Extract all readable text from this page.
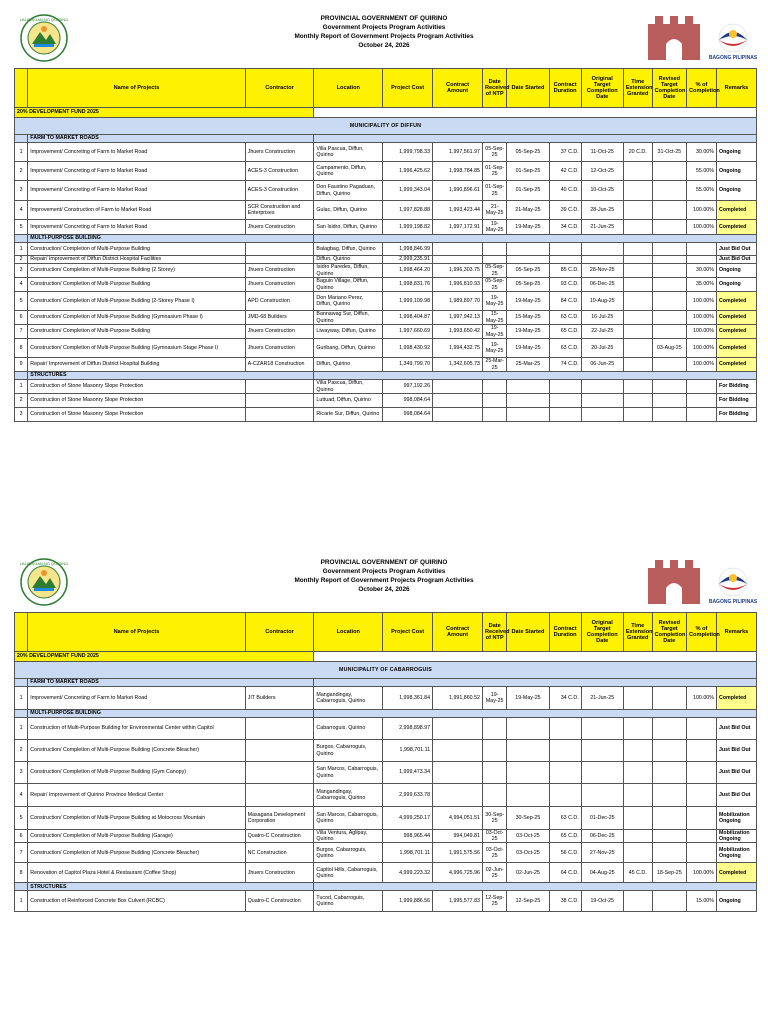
LALAWIGAN NG QUIRINO	PROVINCIAL GOVERNMENT OF QUIRINO
Government Projects Program Activities
Monthly Report of Government Projects Program Activities
October 24, 2026
BAGONG PILIPINAS
	Name of Projects	Contractor	Location	Project Cost	Contract Amount	Date Received of NTP	Date Started	Contract Duration	Original Target Completion Date	Time Extension Granted	Revised Target Completion Date	% of Completion	Remarks
20% DEVELOPMENT FUND 2025													
MUNICIPALITY OF DIFFUN													
	FARM TO MARKET ROADS												
1	Improvement/ Concreting of Farm to Market Road	Jhuers Construction	Villa Pascua, Diffun, Quirino	1,999,798.33	1,997,561.97	05-Sep-25	05-Sep-25	37 C.D.	11-Oct-25	20 C.D.	31-Oct-25	30.00%	Ongoing
2	Improvement/ Concreting of Farm to Market Road	ACES-3 Construction	Campamento, Diffun, Quirino	1,996,425.62	1,998,784.85	01-Sep-25	01-Sep-25	42 C.D.	12-Oct-25			55.00%	Ongoing
3	Improvement/ Concreting of Farm to Market Road	ACES-3 Construction	Don Faustino Pagaduan, Diffun, Quirino	1,999,343.04	1,990,896.61	01-Sep-25	01-Sep-25	40 C.D.	10-Oct-25			55.00%	Ongoing
4	Improvement/ Construction of Farm to Market Road	SCR Construction and Enterprises	Gulac, Diffun, Quirino	1,997,828.88	1,993,423.44	21-May-25	21-May-25	39 C.D.	28-Jun-25			100.00%	Completed
5	Improvement/ Concreting of Farm to Market Road	Jhuers Construction	San Isidro, Diffun, Quirino	1,999,198.82	1,997,172.91	19-May-25	19-May-25	34 C.D.	21-Jun-25			100.00%	Completed
	MULTI-PURPOSE BUILDING												
1	Construction/ Completion of Multi-Purpose Building		Balagbag, Diffun, Quirino	1,998,846.99									Just Bid Out
2	Repair/ Improvement of Diffun District Hospital Facilities		Diffun, Quirino	2,999,235.91									Just Bid Out
3	Construction/ Completion of Multi-Purpose Building (2 Storey)	Jhuers Construction	Isidro Paredes, Diffun, Quirino	1,998,464.20	1,996,303.75	05-Sep-25	05-Sep-25	85 C.D.	28-Nov-25			30.00%	Ongoing
4	Construction/ Completion of Multi-Purpose Building	Jhuers Construction	Baguio Village, Diffun, Quirino	1,998,831.76	1,996,810.93	05-Sep-25	05-Sep-25	93 C.D.	06-Dec-25			35.00%	Ongoing
5	Construction/ Completion of Multi-Purpose Building (2-Storey Phase I)	APD Construction	Don Mariano Perez, Diffun, Quirino	1,999,109.98	1,989,897.70	19-May-25	19-May-25	84 C.D.	10-Aug-25			100.00%	Completed
6	Construction/ Completion of Multi-Purpose Building (Gymnasium Phase I)	JMD-68 Builders	Bannawag Sur, Diffun, Quirino	1,998,404.87	1,997,942.13	15-May-25	15-May-25	63 C.D.	16-Jul-25			100.00%	Completed
7	Construction/ Completion of Multi-Purpose Building	Jhuers Construction	Liwayway, Diffun, Quirino	1,997,660.69	1,993,650.42	19-May-25	19-May-25	65 C.D.	22-Jul-25			100.00%	Completed
8	Construction/ Completion of Multi-Purpose Building (Gymnasium Stage Phase I)	Jhuers Construction	Guribang, Diffun, Quirino	1,998,430.92	1,994,432.75	19-May-25	19-May-25	63 C.D.	20-Jul-25		03-Aug-25	100.00%	Completed
9	Repair/ Improvement of Diffun District Hospital Building	A-CZAR18 Construction	Diffun, Quirino	1,349,799.70	1,342,605.73	25-Mar-25	25-Mar-25	74 C.D.	06-Jun-25			100.00%	Completed
	STRUCTURES												
1	Construction of Stone Masonry Slope Protection		Villa Pascua, Diffun, Quirino	997,192.26									For Bidding
2	Construction of Stone Masonry Slope Protection		Luttuad, Diffun, Quirino	998,084.64									For Bidding
3	Construction of Stone Masonry Slope Protection		Ricarte Sur, Diffun, Quirino	998,084.64									For Bidding
LALAWIGAN NG QUIRINO	PROVINCIAL GOVERNMENT OF QUIRINO
Government Projects Program Activities
Monthly Report of Government Projects Program Activities
October 24, 2026
BAGONG PILIPINAS
	Name of Projects	Contractor	Location	Project Cost	Contract Amount	Date Received of NTP	Date Started	Contract Duration	Original Target Completion Date	Time Extension Granted	Revised Target Completion Date	% of Completion	Remarks
20% DEVELOPMENT FUND 2025													
MUNICIPALITY OF CABARROGUIS													
	FARM TO MARKET ROADS												
1	Improvement/ Concreting of Farm to Market Road	JIT Builders	Mangandingay, Cabarroguis, Quirino	1,998,361.84	1,991,860.52	19-May-25	19-May-25	34 C.D.	21-Jun-25			100.00%	Completed
	MULTI-PURPOSE BUILDING												
1	Construction of Multi-Purpose Building for Environmental Center within Capitol		Cabarroguis, Quirino	2,998,898.97									Just Bid Out
2	Construction/ Completion of Multi-Purpose Building (Concrete Bleacher)		Burgos, Cabarroguis, Quirino	1,998,701.11									Just Bid Out
3	Construction/ Completion of Multi-Purpose Building (Gym Canopy)		San Marcos, Cabarroguis, Quirino	1,999,473.34									Just Bid Out
4	Repair/ Improvement of Quirino Province Medical Center		Mangandingay, Cabarroguis, Quirino	2,999,633.78									Just Bid Out
5	Construction/ Completion of Multi-Purpose Building at Motocross Mountain	Masagana Development Corporation	San Marcos, Cabarroguis, Quirino	4,999,250.17	4,994,051.51	30-Sep-25	30-Sep-25	63 C.D.	01-Dec-25				Mobilization Ongoing
6	Construction/ Completion of Multi-Purpose Building (Garage)	Quatro-C Construction	Villa Ventura, Aglipay, Quirino	998,965.44	994,049.81	03-Oct-25	03-Oct-25	65 C.D.	06-Dec-25				Mobilization Ongoing
7	Construction/ Completion of Multi-Purpose Building (Concrete Bleacher)	NC Construction	Burgos, Cabarroguis, Quirino	1,998,701.11	1,991,575.56	03-Oct-25	03-Oct-25	56 C.D.	27-Nov-25				Mobilization Ongoing
8	Renovation of Capitol Plaza Hotel & Restaurant (Coffee Shop)	Jhuers Construction	Capitol Hills, Cabarroguis, Quirino	4,999,223.32	4,996,725.96	02-Jun-25	02-Jun-25	64 C.D.	04-Aug-25	45 C.D.	18-Sep-25	100.00%	Completed
	STRUCTURES												
1	Construction of Reinforced Concrete Box Culvert (RCBC)	Quatro-C Construction	Tucod, Cabarroguis, Quirino	1,999,886.56	1,995,577.83	12-Sep-25	12-Sep-25	38 C.D.	19-Oct-25			15.00%	Ongoing
